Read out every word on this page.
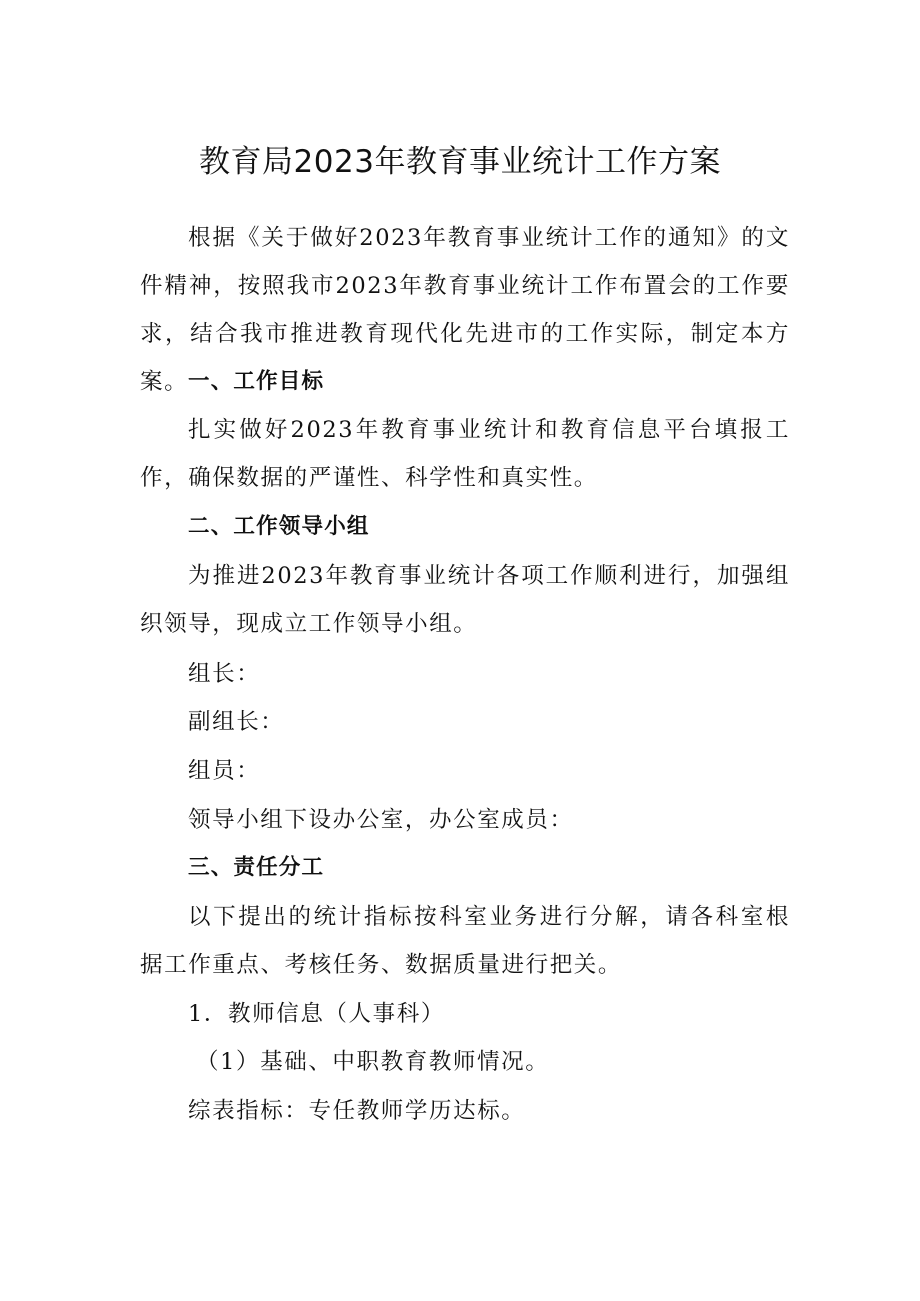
教育局2023年教育事业统计工作方案

根据《关于做好2023年教育事业统计工作的通知》的文件精神，按照我市2023年教育事业统计工作布置会的工作要求，结合我市推进教育现代化先进市的工作实际，制定本方案。 一、工作目标

扎实做好2023年教育事业统计和教育信息平台填报工作，确保数据的严谨性、科学性和真实性。

二、工作领导小组

为推进2023年教育事业统计各项工作顺利进行，加强组织领导，现成立工作领导小组。

组长：

副组长：

组员：

领导小组下设办公室，办公室成员：

三、责任分工

以下提出的统计指标按科室业务进行分解，请各科室根据工作重点、考核任务、数据质量进行把关。

1．教师信息（人事科）

（1）基础、中职教育教师情况。

综表指标：专任教师学历达标。
